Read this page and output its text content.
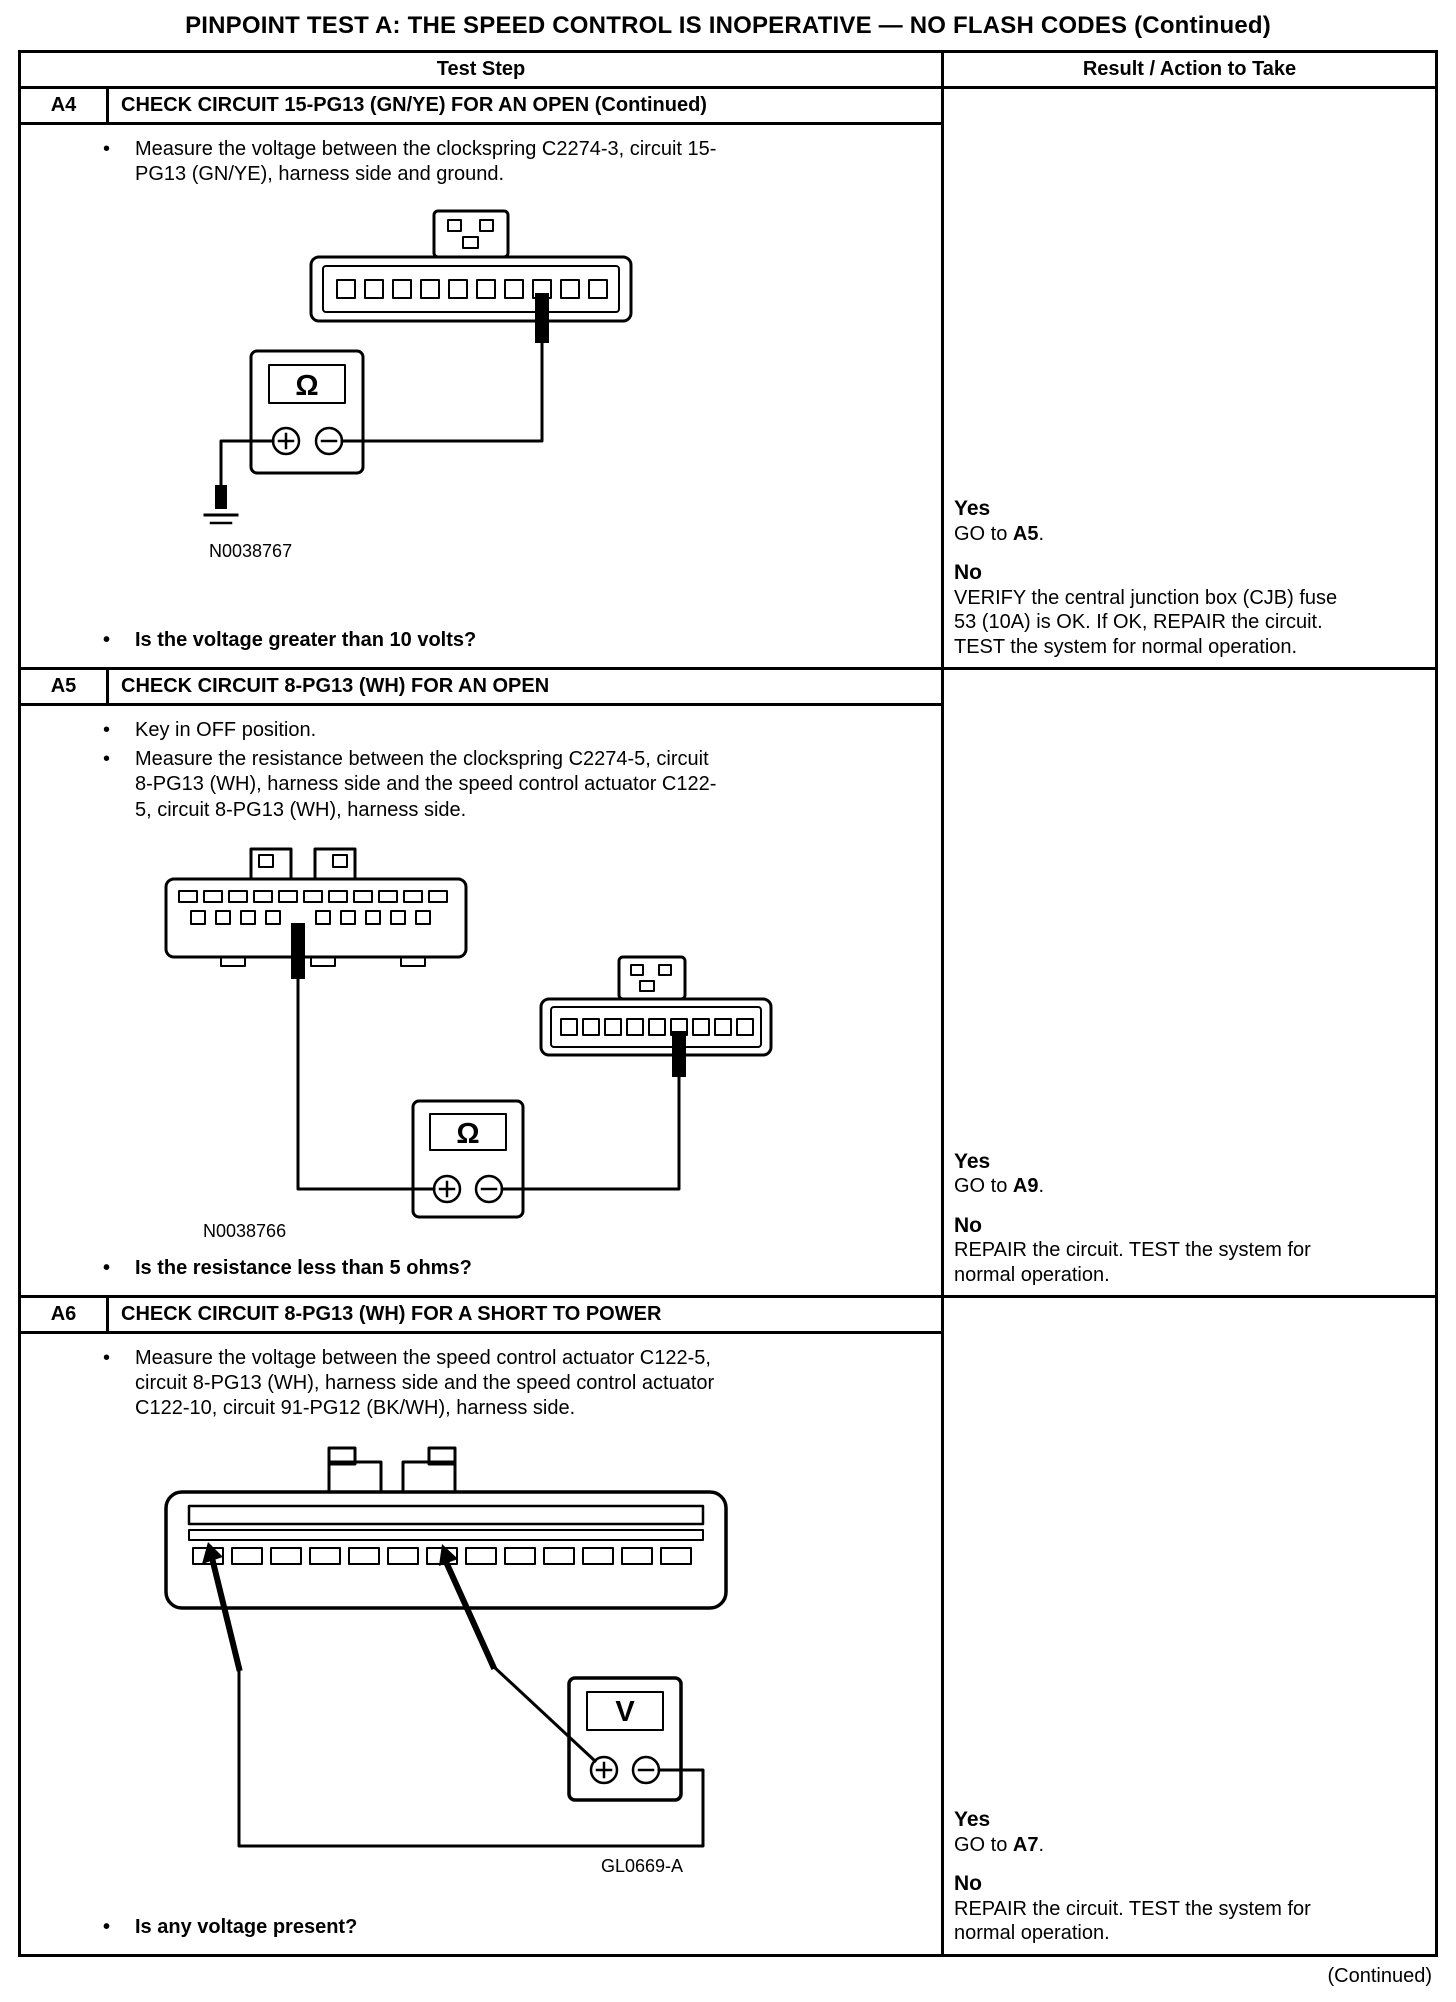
PINPOINT TEST A: THE SPEED CONTROL IS INOPERATIVE — NO FLASH CODES (Continued)
Test Step	Result / Action to Take
A4	CHECK CIRCUIT 15-PG13 (GN/YE) FOR AN OPEN (Continued)
•	Measure the voltage between the clockspring C2274-3, circuit 15-PG13 (GN/YE), harness side and ground.
Ω
N0038767
•	Is the voltage greater than 10 volts?
Yes
GO to A5.
No
VERIFY the central junction box (CJB) fuse 53 (10A) is OK. If OK, REPAIR the circuit. TEST the system for normal operation.
A5	CHECK CIRCUIT 8-PG13 (WH) FOR AN OPEN
•	Key in OFF position.
•	Measure the resistance between the clockspring C2274-5, circuit 8-PG13 (WH), harness side and the speed control actuator C122-5, circuit 8-PG13 (WH), harness side.
Ω
N0038766
•	Is the resistance less than 5 ohms?
Yes
GO to A9.
No
REPAIR the circuit. TEST the system for normal operation.
A6	CHECK CIRCUIT 8-PG13 (WH) FOR A SHORT TO POWER
•	Measure the voltage between the speed control actuator C122-5, circuit 8-PG13 (WH), harness side and the speed control actuator C122-10, circuit 91-PG12 (BK/WH), harness side.
V
GL0669-A
•	Is any voltage present?
Yes
GO to A7.
No
REPAIR the circuit. TEST the system for normal operation.
(Continued)
